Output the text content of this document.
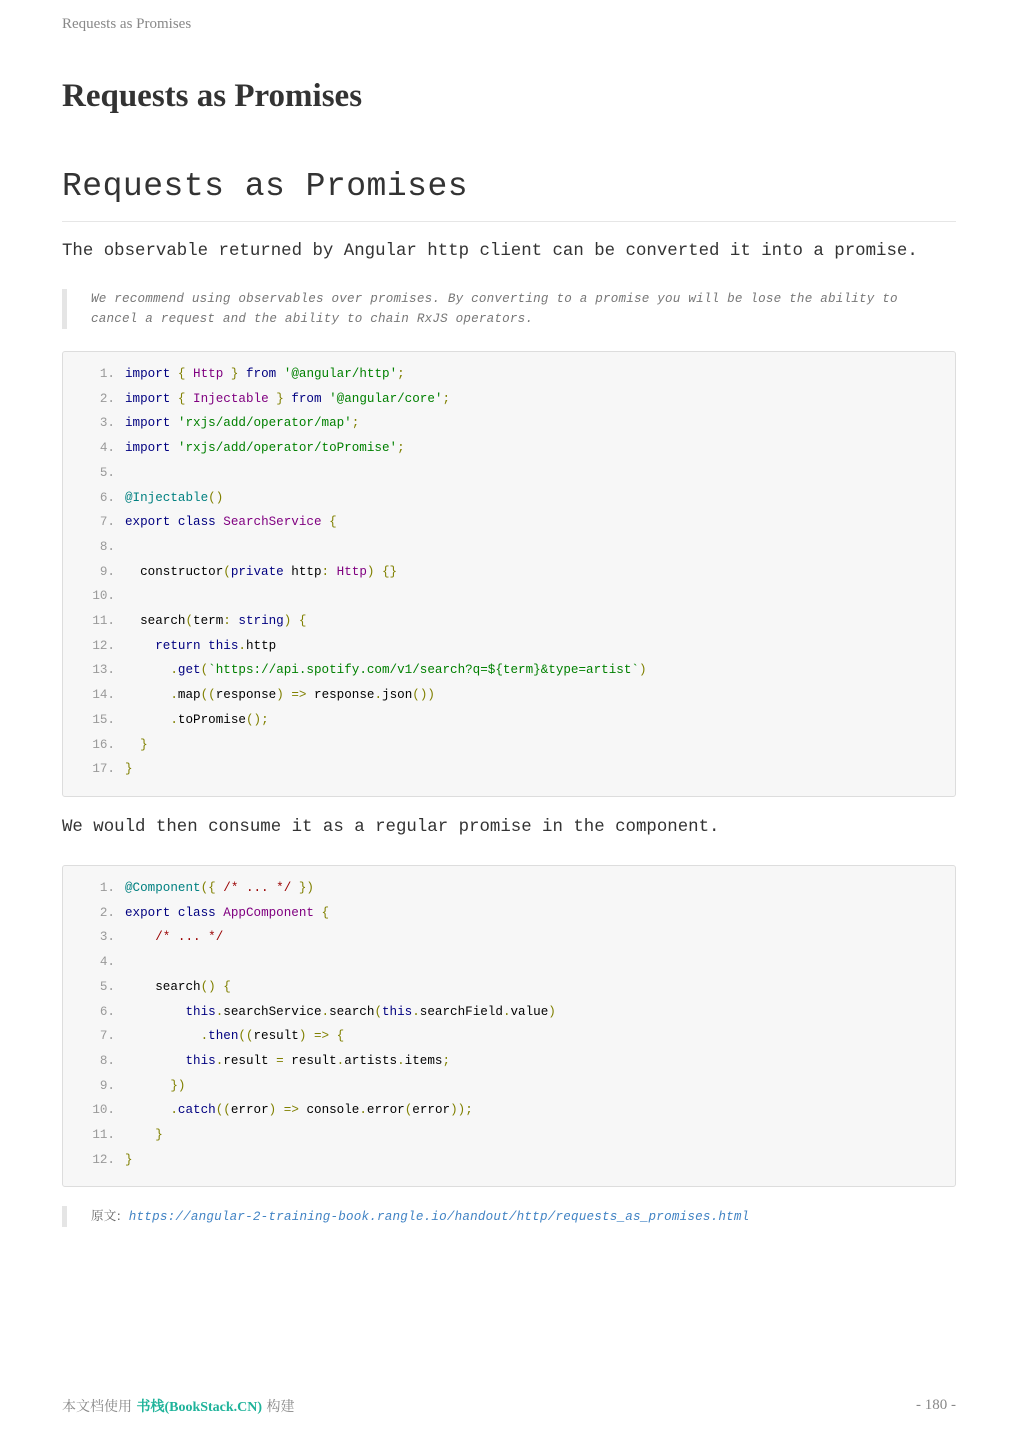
Requests as Promises
Requests as Promises
Requests as Promises

The observable returned by Angular http client can be converted it into a promise.

We recommend using observables over promises. By converting to a promise you will be lose the ability to cancel a request and the ability to chain RxJS operators.
1. import { Http } from '@angular/http';
2. import { Injectable } from '@angular/core';
3. import 'rxjs/add/operator/map';
4. import 'rxjs/add/operator/toPromise';
5.
6. @Injectable()
7. export class SearchService {
8.
9.  constructor(private http: Http) {}
10.
11.  search(term: string) {
12.	return this.http
13.	.get(`https://api.spotify.com/v1/search?q=${term}&type=artist`)
14.	.map((response) => response.json())
15.	.toPromise();
16. }
17. }

We would then consume it as a regular promise in the component.

1. @Component({ /* ... */ })
2. export class AppComponent {
3.	/* ... */
4.
5.    search() {
6.	this.searchService.search(this.searchField.value)
7.	.then((result) => {
8.	this.result = result.artists.items;
9.	})
10.	.catch((error) => console.error(error));
11.	}
12. }
原文: https://angular-2-training-book.rangle.io/handout/http/requests_as_promises.html
本文档使用 书栈(BookStack.CN) 构建	- 180 -
